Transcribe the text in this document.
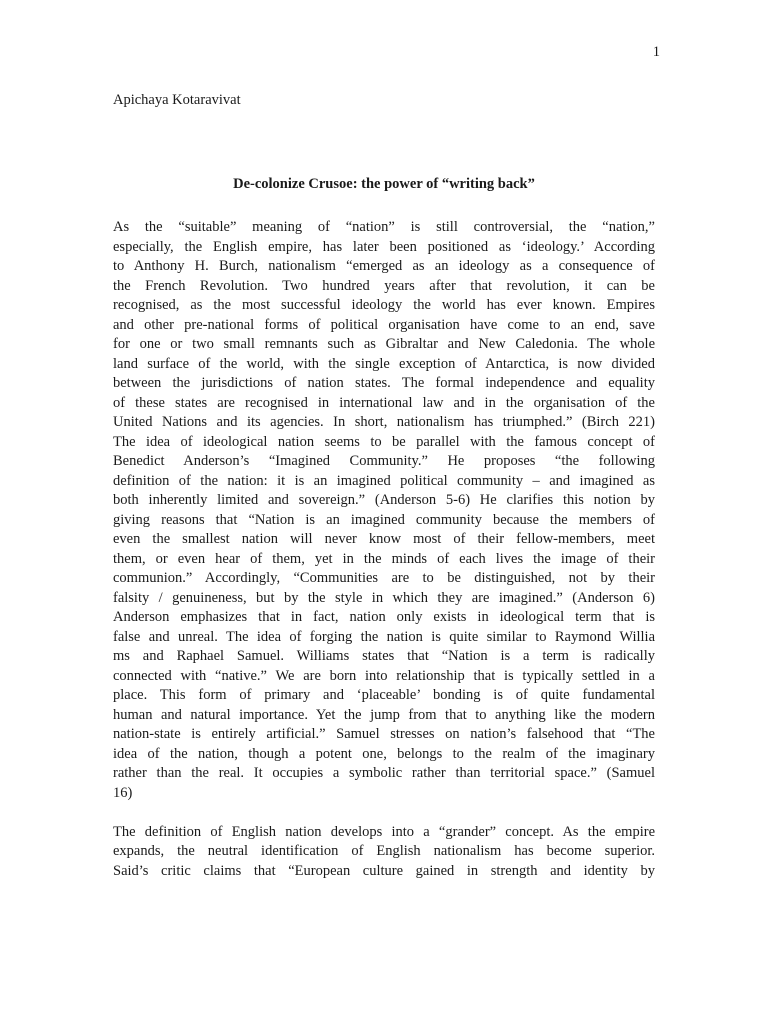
1
Apichaya Kotaravivat
De-colonize Crusoe: the power of “writing back”
As the “suitable” meaning of “nation” is still controversial, the “nation,”
especially, the English empire, has later been positioned as ‘ideology.’ According
to Anthony H. Burch, nationalism “emerged as an ideology as a consequence of
the French Revolution. Two hundred years after that revolution, it can be
recognised, as the most successful ideology the world has ever known. Empires
and other pre-national forms of political organisation have come to an end, save
for one or two small remnants such as Gibraltar and New Caledonia. The whole
land surface of the world, with the single exception of Antarctica, is now divided
between the jurisdictions of nation states. The formal independence and equality
of these states are recognised in international law and in the organisation of the
United Nations and its agencies. In short, nationalism has triumphed.” (Birch 221)
The idea of ideological nation seems to be parallel with the famous concept of
Benedict Anderson’s “Imagined Community.” He proposes “the following
definition of the nation: it is an imagined political community – and imagined as
both inherently limited and sovereign.” (Anderson 5-6) He clarifies this notion by
giving reasons that “Nation is an imagined community because the members of
even the smallest nation will never know most of their fellow-members, meet
them, or even hear of them, yet in the minds of each lives the image of their
communion.” Accordingly, “Communities are to be distinguished, not by their
falsity / genuineness, but by the style in which they are imagined.” (Anderson 6)
Anderson emphasizes that in fact, nation only exists in ideological term that is
false and unreal. The idea of forging the nation is quite similar to Raymond Willia
ms and Raphael Samuel. Williams states that “Nation is a term is radically
connected with “native.” We are born into relationship that is typically settled in a
place. This form of primary and ‘placeable’ bonding is of quite fundamental
human and natural importance. Yet the jump from that to anything like the modern
nation-state is entirely artificial.” Samuel stresses on nation’s falsehood that “The
idea of the nation, though a potent one, belongs to the realm of the imaginary
rather than the real. It occupies a symbolic rather than territorial space.” (Samuel
16)
The definition of English nation develops into a “grander” concept. As the empire
expands, the neutral identification of English nationalism has become superior.
Said’s critic claims that “European culture gained in strength and identity by
